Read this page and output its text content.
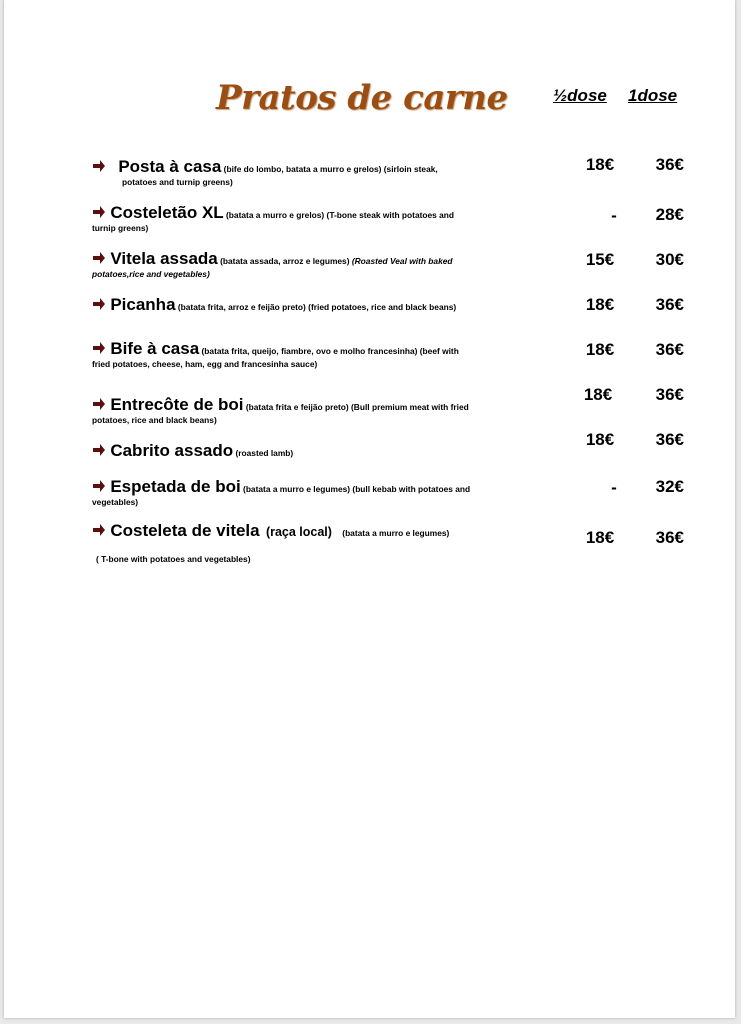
Pratos de carne	½dose 1dose
Posta à casa (bife do lombo, batata a murro e grelos) (sirloin steak,
potatoes and turnip greens)
18€	36€
Costeletão XL (batata a murro e grelos) (T-bone steak with potatoes and
turnip greens)
-	28€
Vitela assada (batata assada, arroz e legumes) (Roasted Veal with baked
potatoes,rice and vegetables)
15€	30€
Picanha (batata frita, arroz e feijão preto) (fried potatoes, rice and black beans)	18€	36€
Bife à casa (batata frita, queijo, fiambre, ovo e molho francesinha) (beef with
fried potatoes, cheese, ham, egg and francesinha sauce)
18€	36€
Entrecôte de boi (batata frita e feijão preto) (Bull premium meat with fried
potatoes, rice and black beans)
18€	36€
Cabrito assado (roasted lamb)
18€	36€
Espetada de boi (batata a murro e legumes) (bull kebab with potatoes and
vegetables)
-	32€
Costeleta de vitela (raça local) (batata a murro e legumes)
( T-bone with potatoes and vegetables)
18€	36€
